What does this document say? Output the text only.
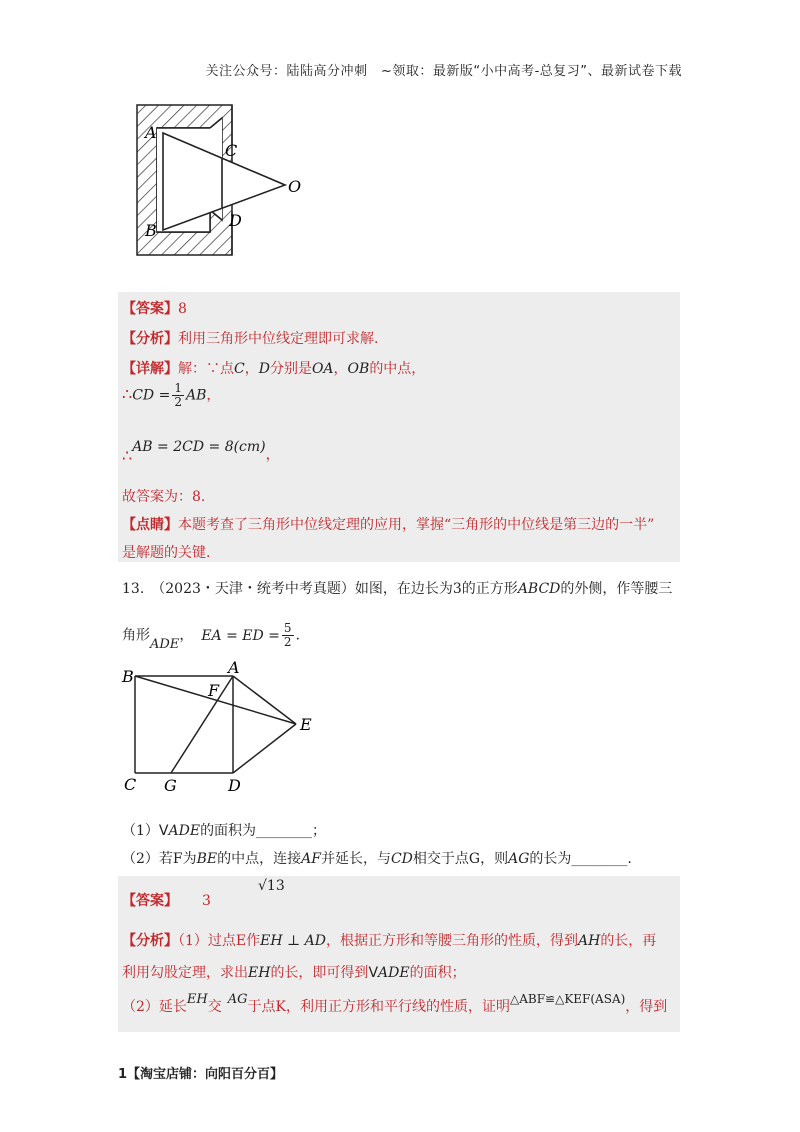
关注公众号：陆陆高分冲刺　~领取：最新版“小中高考-总复习”、最新试卷下载
A
B
C
D
O
【答案】8
【分析】利用三角形中位线定理即可求解.
【详解】解：∵点C，D分别是OA，OB的中点，
∴CD = $\frac{1}{2}$ AB，
∴AB = 2CD = 8(cm)，
故答案为：8.
【点睛】本题考查了三角形中位线定理的应用，掌握“三角形的中位线是第三边的一半”
是解题的关键.
13.　（2023・天津・统考中考真题）如图，在边长为3的正方形ABCD的外侧，作等腰三
角形ADE， EA = ED = $\frac{5}{2}$ .
B	A
F
E
C G	D
（1）VADE的面积为________；
（2）若F为BE的中点，连接AF并延长，与CD相交于点G，则AG的长为________.
【答案】 3
√13
【分析】（1）过点E作EH ⊥ AD，根据正方形和等腰三角形的性质，得到AH的长，再
利用勾股定理，求出EH的长，即可得到VADE的面积；
（2）延长EH交 AG于点K，利用正方形和平行线的性质，证明△ABF≌△KEF(ASA)，得到
1【淘宝店铺：向阳百分百】
